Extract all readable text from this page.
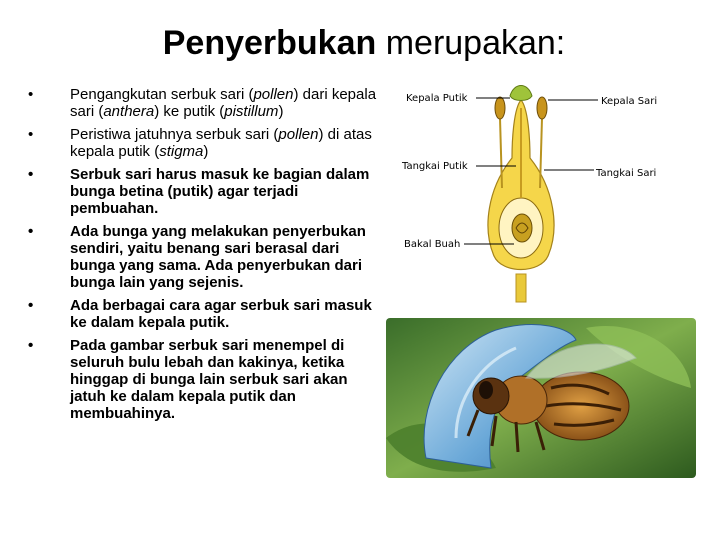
Penyerbukan merupakan:
• Pengangkutan serbuk sari (pollen) dari kepala sari (anthera) ke putik (pistillum)
• Peristiwa jatuhnya serbuk sari (pollen) di atas kepala putik (stigma)
• Serbuk sari harus masuk ke bagian dalam bunga betina (putik) agar terjadi pembuahan.
• Ada bunga yang melakukan penyerbukan sendiri, yaitu benang sari berasal dari bunga yang sama. Ada penyerbukan dari bunga lain yang sejenis.
• Ada berbagai cara agar serbuk sari masuk ke dalam kepala putik.
• Pada gambar serbuk sari menempel di seluruh bulu lebah dan kakinya, ketika hinggap di bunga lain serbuk sari akan jatuh ke dalam kepala putik dan membuahinya.
Kepala Putik	Kepala Sari
Tangkai Putik
Tangkai Sari
Bakal Buah
